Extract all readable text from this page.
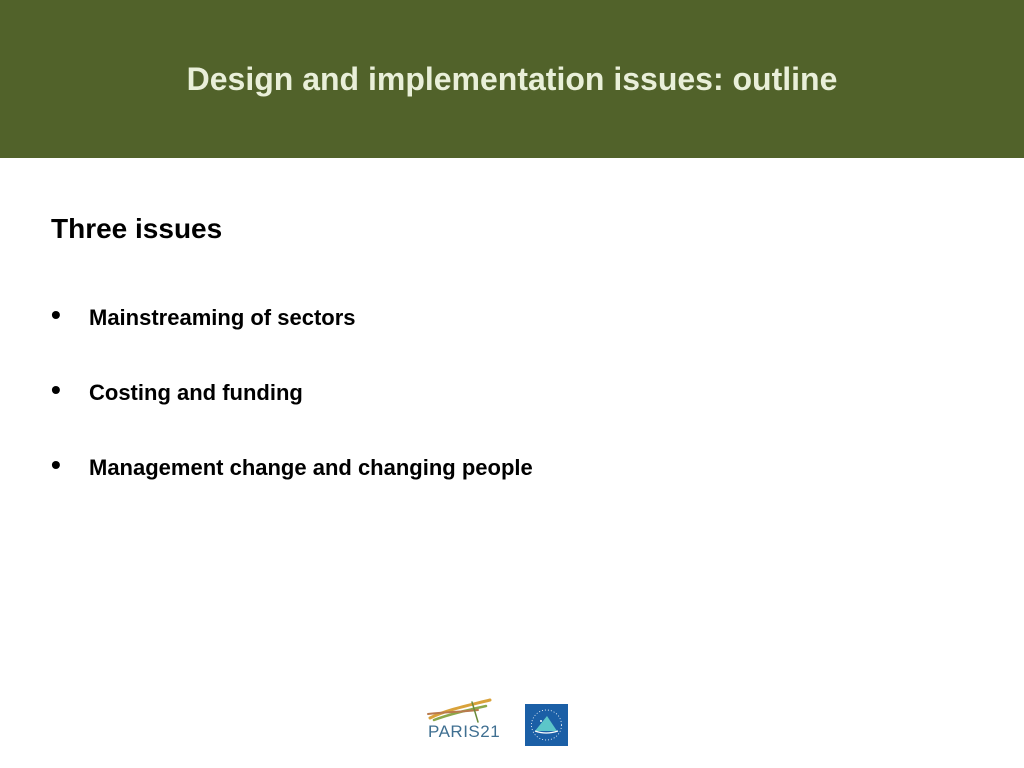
Design and implementation issues: outline
Three issues
• Mainstreaming of sectors
• Costing and funding
• Management change and changing people
PARIS21
